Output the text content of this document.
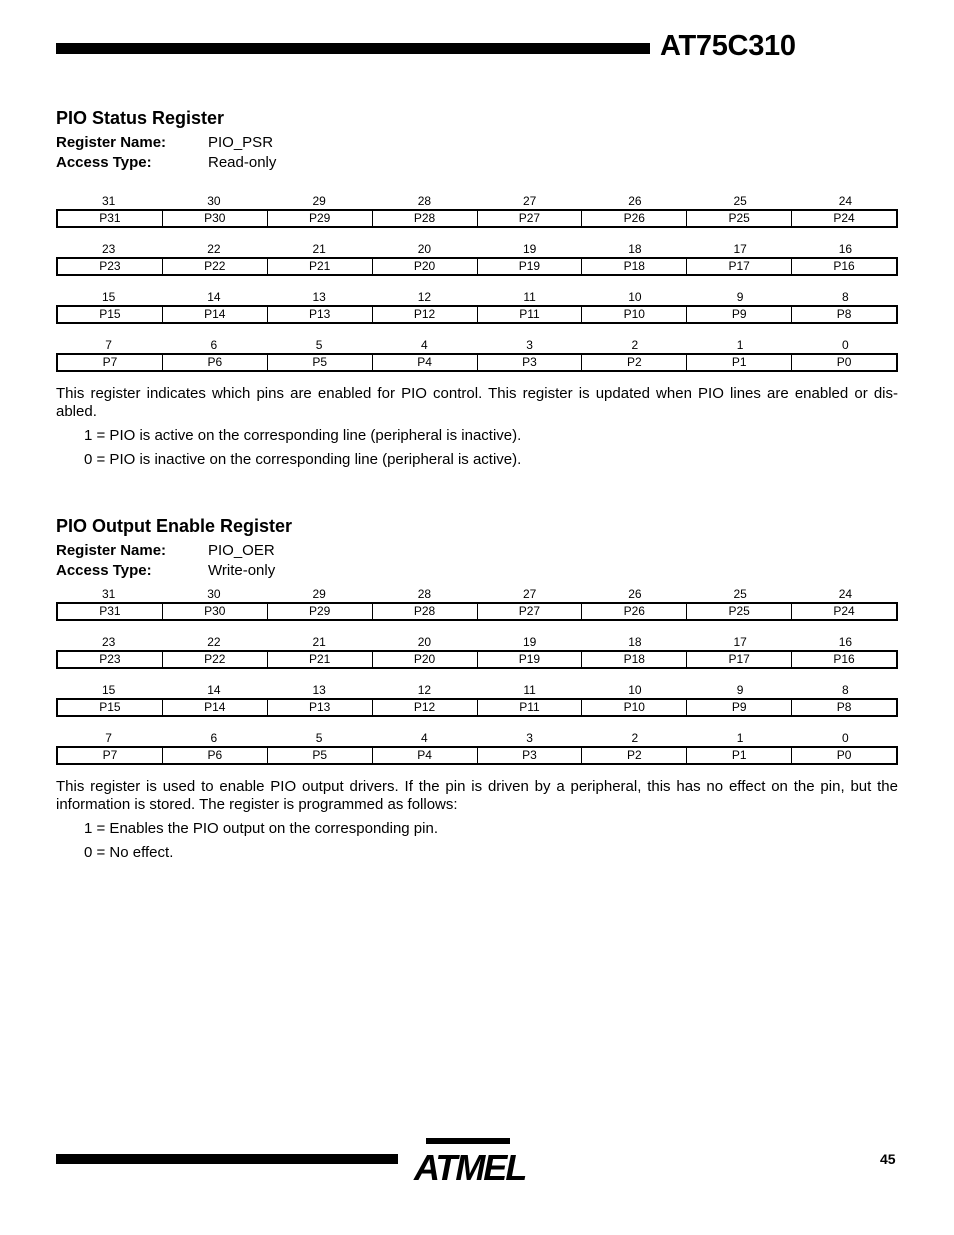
AT75C310
PIO Status Register
Register Name:	PIO_PSR
Access Type:	Read-only
31	30	29	28	27	26	25	24
P31	P30	P29	P28	P27	P26	P25	P24
23	22	21	20	19	18	17	16
P23	P22	P21	P20	P19	P18	P17	P16
15	14	13	12	11	10	9	8
P15	P14	P13	P12	P11	P10	P9	P8
7	6	5	4	3	2	1	0
P7	P6	P5	P4	P3	P2	P1	P0

This register indicates which pins are enabled for PIO control. This register is updated when PIO lines are enabled or dis-abled.

1 = PIO is active on the corresponding line (peripheral is inactive).

0 = PIO is inactive on the corresponding line (peripheral is active).

PIO Output Enable Register
Register Name:	PIO_OER
Access Type:	Write-only
31	30	29	28	27	26	25	24
P31	P30	P29	P28	P27	P26	P25	P24
23	22	21	20	19	18	17	16
P23	P22	P21	P20	P19	P18	P17	P16
15	14	13	12	11	10	9	8
P15	P14	P13	P12	P11	P10	P9	P8
7	6	5	4	3	2	1	0
P7	P6	P5	P4	P3	P2	P1	P0

This register is used to enable PIO output drivers. If the pin is driven by a peripheral, this has no effect on the pin, but the information is stored. The register is programmed as follows:

1 = Enables the PIO output on the corresponding pin.

0 = No effect.

ATMEL	45
